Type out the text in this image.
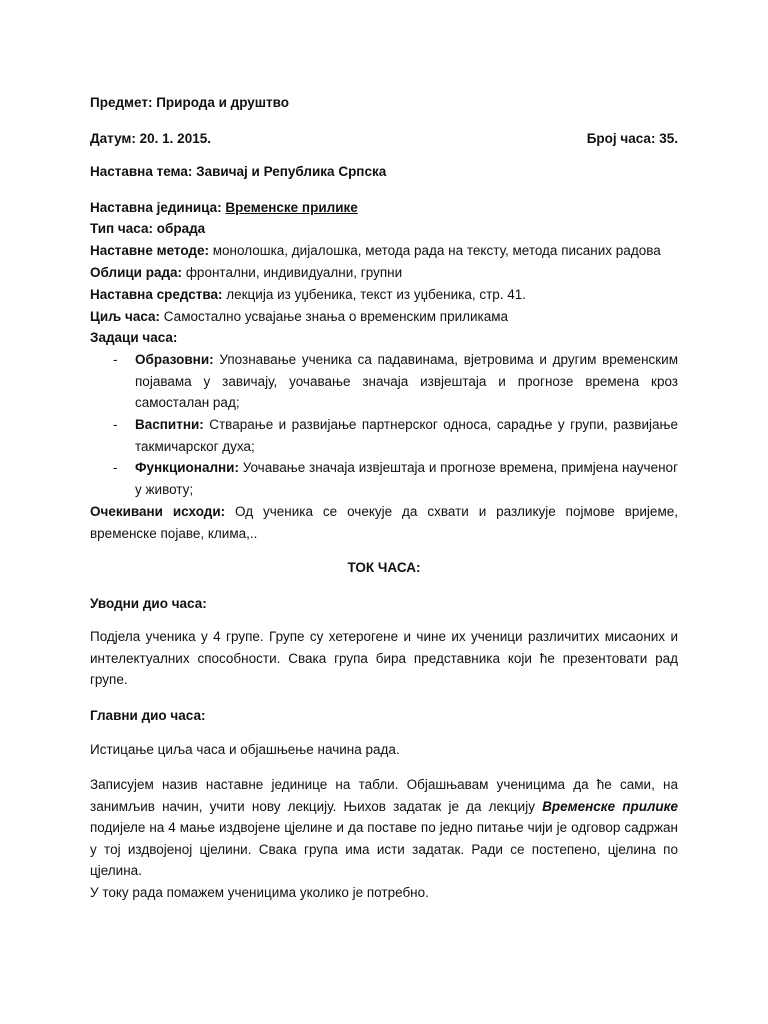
Предмет: Природа и друштво
Датум: 20. 1. 2015.	Број часа: 35.
Наставна тема: Завичај и Република Српска
Наставна јединица: Временске прилике
Тип часа: обрада
Наставне методе: монолошка, дијалошка, метода рада на тексту, метода писаних радова
Облици рада: фронтални, индивидуални, групни
Наставна средства: лекција из уџбеника, текст из уџбеника, стр. 41.
Циљ часа: Самостално усвајање знања о временским приликама
Задаци часа:
- Образовни: Упознавање ученика са падавинама, вјетровима и другим временским појавама у завичају, уочавање значаја извјештаја и прогнозе времена кроз самосталан рад;
- Васпитни: Стварање и развијање партнерског односа, сарадње у групи, развијање такмичарског духа;
- Функционални: Уочавање значаја извјештаја и прогнозе времена, примјена наученог у животу;
Очекивани исходи: Од ученика се очекује да схвати и разликује појмове вријеме, временске појаве, клима,..
ТОК ЧАСА:
Уводни дио часа:
Подјела ученика у 4 групе. Групе су хетерогене и чине их ученици различитих мисаоних и интелектуалних способности. Свака група бира представника који ће презентовати рад групе.
Главни дио часа:
Истицање циља часа и објашњење начина рада.
Записујем назив наставне јединице на табли. Објашњавам ученицима да ће сами, на занимљив начин, учити нову лекцију. Њихов задатак је да лекцију Временске прилике подијеле на 4 мање издвојене цјелине и да поставе по једно питање чији је одговор садржан у тој издвојеној цјелини. Свака група има исти задатак. Ради се постепено, цјелина по цјелина.
У току рада помажем ученицима уколико је потребно.
